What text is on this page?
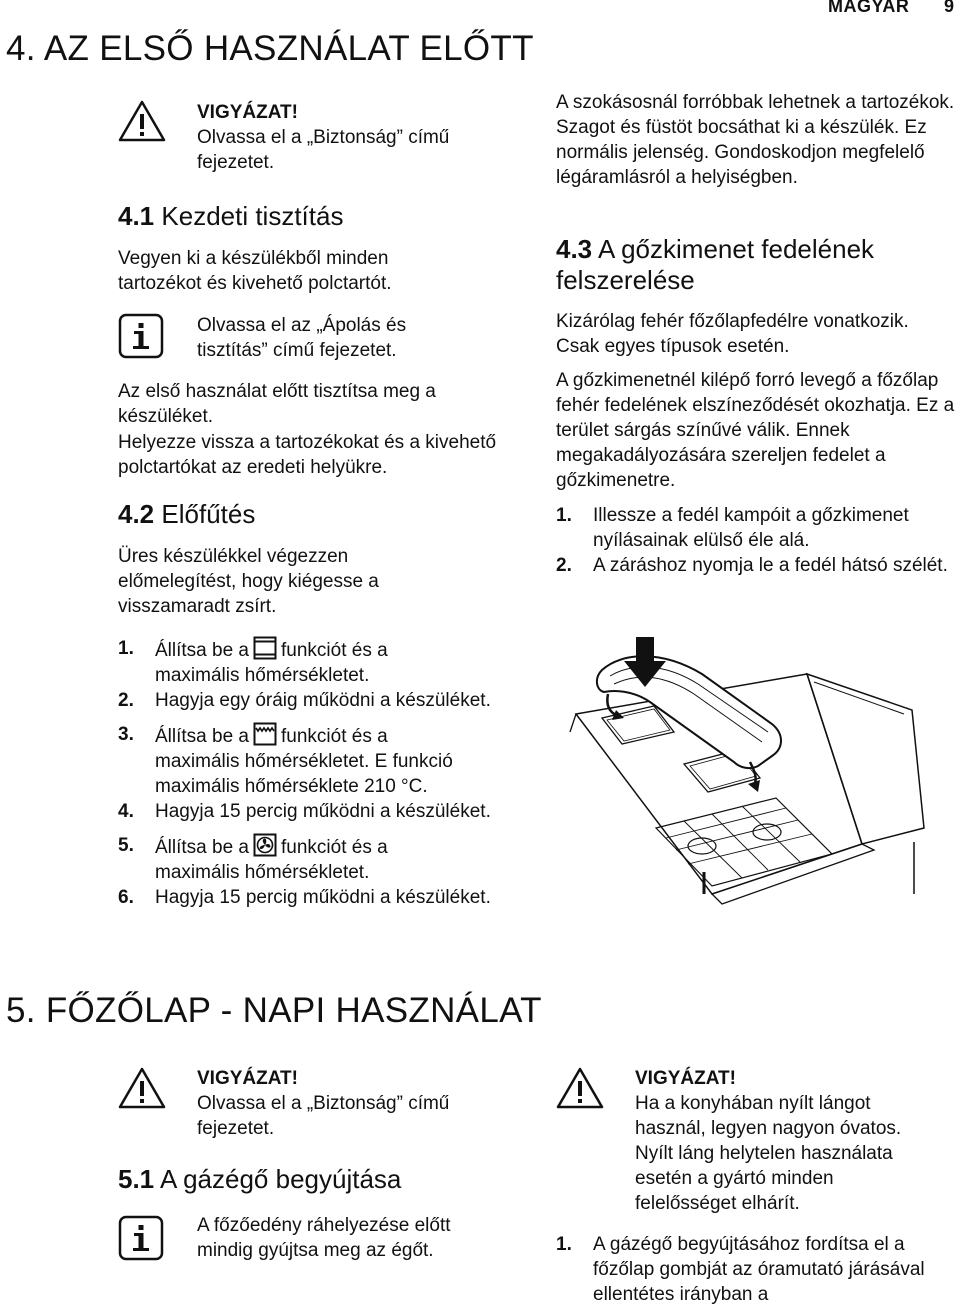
MAGYAR 9
4. AZ ELSŐ HASZNÁLAT ELŐTT
VIGYÁZAT!
Olvassa el a „Biztonság” című fejezetet.
4.1 Kezdeti tisztítás
Vegyen ki a készülékből minden tartozékot és kivehető polctartót.
Olvassa el az „Ápolás és tisztítás” című fejezetet.
Az első használat előtt tisztítsa meg a készüléket.
Helyezze vissza a tartozékokat és a kivehető polctartókat az eredeti helyükre.
4.2 Előfűtés
Üres készülékkel végezzen előmelegítést, hogy kiégesse a visszamaradt zsírt.
1. Állítsa be a funkciót és a
maximális hőmérsékletet.
2. Hagyja egy óráig működni a készüléket.
3. Állítsa be a funkciót és a
maximális hőmérsékletet. E funkció maximális hőmérséklete 210 °C.
4. Hagyja 15 percig működni a készüléket.
5. Állítsa be a funkciót és a
maximális hőmérsékletet.
6. Hagyja 15 percig működni a készüléket.
A szokásosnál forróbbak lehetnek a tartozékok. Szagot és füstöt bocsáthat ki a készülék. Ez normális jelenség. Gondoskodjon megfelelő légáramlásról a helyiségben.
4.3 A gőzkimenet fedelének felszerelése
Kizárólag fehér főzőlapfedélre vonatkozik. Csak egyes típusok esetén.
A gőzkimenetnél kilépő forró levegő a főzőlap fehér fedelének elszíneződését okozhatja. Ez a terület sárgás színűvé válik. Ennek megakadályozására szereljen fedelet a gőzkimenetre.
1. Illessze a fedél kampóit a gőzkimenet nyílásainak elülső éle alá.
2. A záráshoz nyomja le a fedél hátsó szélét.
5. FŐZŐLAP - NAPI HASZNÁLAT
VIGYÁZAT!
Olvassa el a „Biztonság” című fejezetet.
5.1 A gázégő begyújtása
A főzőedény ráhelyezése előtt mindig gyújtsa meg az égőt.
VIGYÁZAT!
Ha a konyhában nyílt lángot használ, legyen nagyon óvatos. Nyílt láng helytelen használata esetén a gyártó minden felelősséget elhárít.
1. A gázégő begyújtásához fordítsa el a főzőlap gombját az óramutató járásával ellentétes irányban a
